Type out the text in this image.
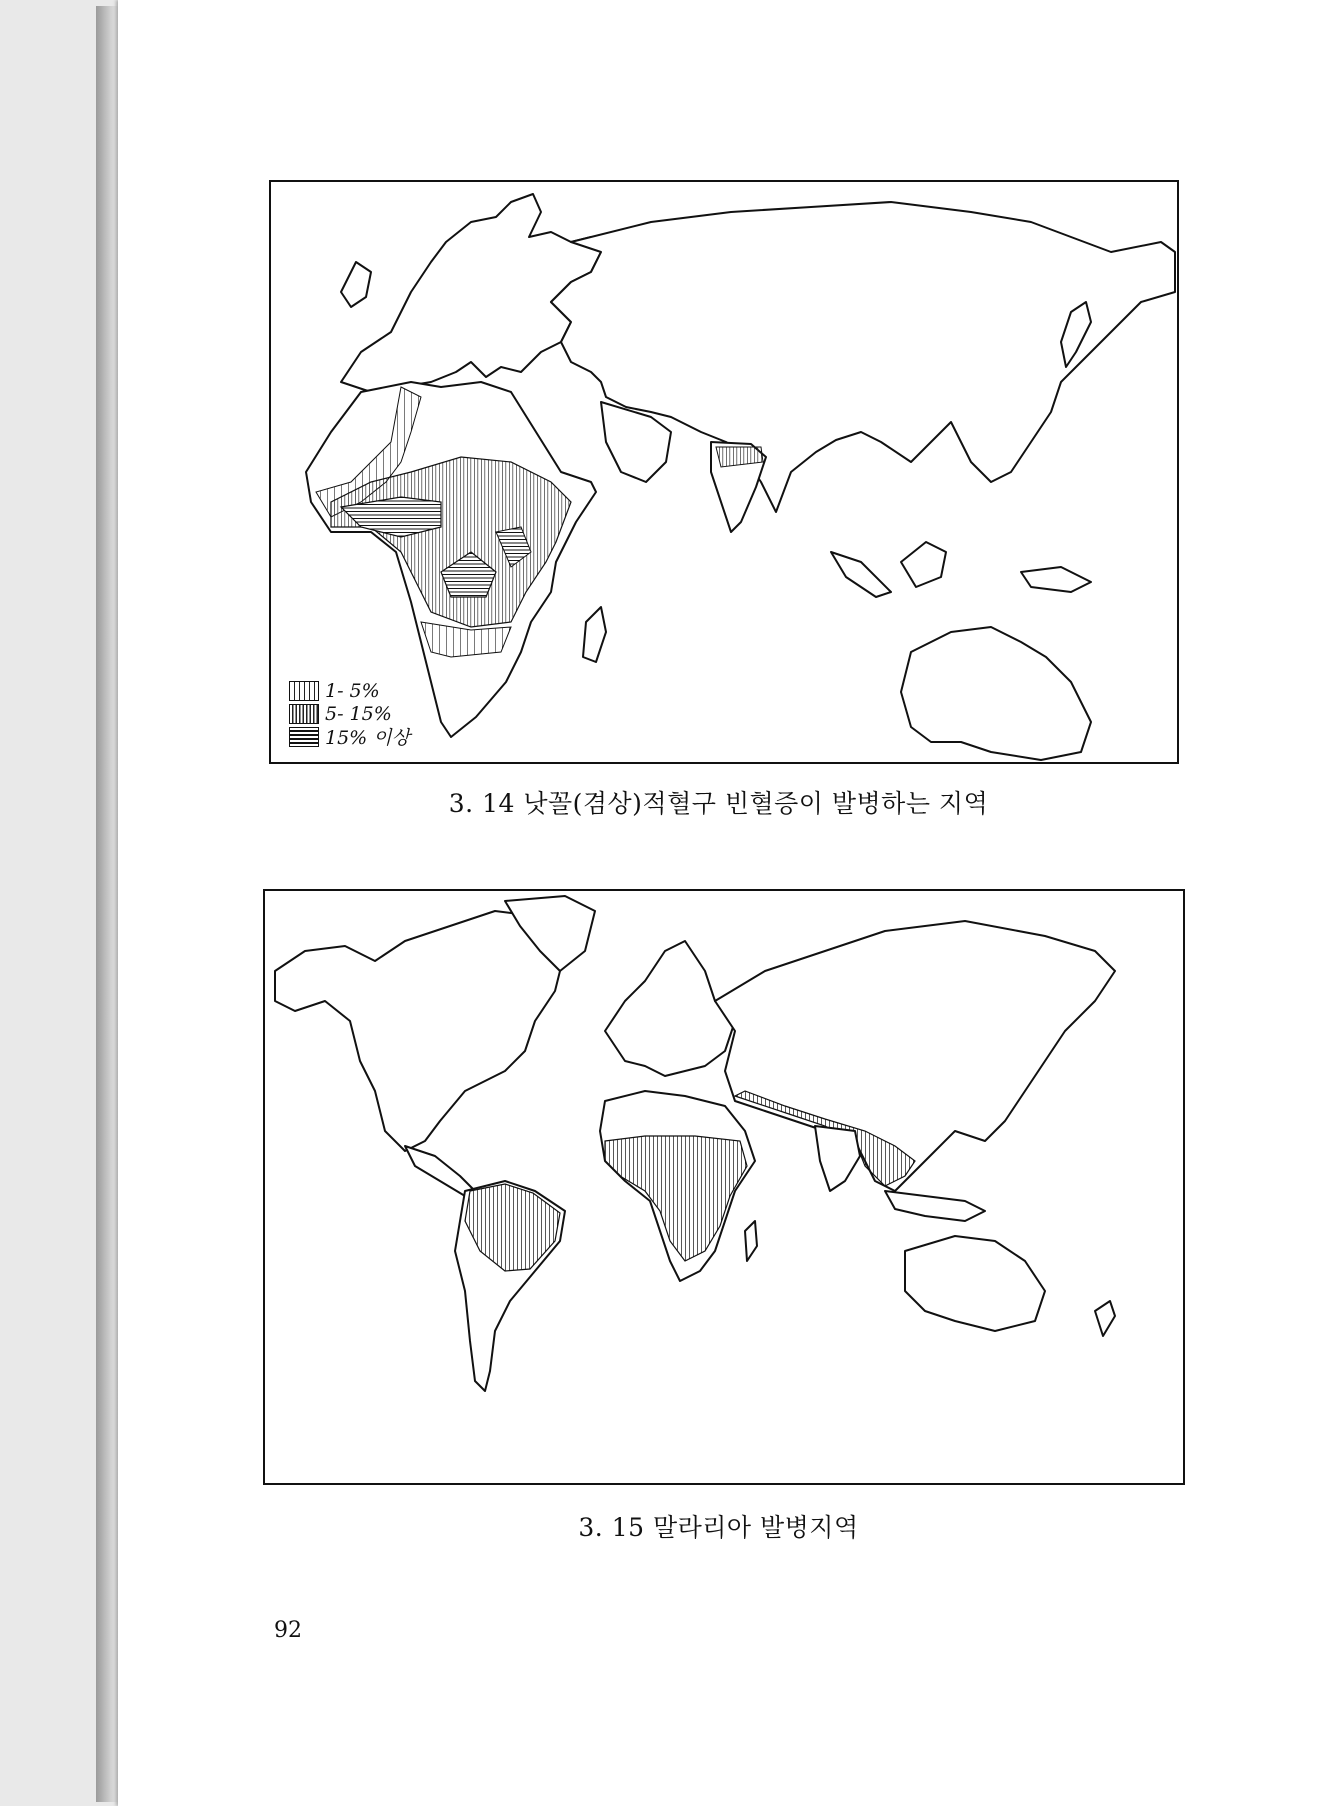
1- 5%
5- 15%
15% 이상
3. 14 낫꼴(겸상)적혈구 빈혈증이 발병하는 지역
3. 15 말라리아 발병지역
92
